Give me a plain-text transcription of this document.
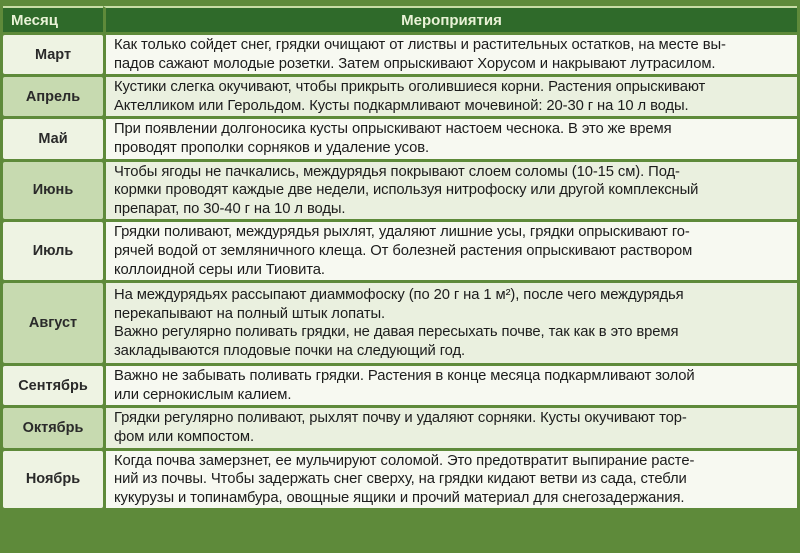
Месяц	Мероприятия
Март	Как только сойдет снег, грядки очищают от листвы и растительных остатков, на месте вы-
падов сажают молодые розетки. Затем опрыскивают Хорусом и накрывают лутрасилом.

Апрель	Кустики слегка окучивают, чтобы прикрыть оголившиеся корни. Растения опрыскивают
Актелликом или Герольдом. Кусты подкармливают мочевиной: 20-30 г на 10 л воды.

Май	При появлении долгоносика кусты опрыскивают настоем чеснока. В это же время
проводят прополки сорняков и удаление усов.

Июнь	Чтобы ягоды не пачкались, междурядья покрывают слоем соломы (10-15 см). Под-
кормки проводят каждые две недели, используя нитрофоску или другой комплексный
препарат, по 30-40 г на 10 л воды.

Июль	Грядки поливают, междурядья рыхлят, удаляют лишние усы, грядки опрыскивают го-
рячей водой от земляничного клеща. От болезней растения опрыскивают раствором
коллоидной серы или Тиовита.

Август	На междурядьях рассыпают диаммофоску (по 20 г на 1 м²), после чего междурядья
перекапывают на полный штык лопаты.
Важно регулярно поливать грядки, не давая пересыхать почве, так как в это время
закладываются плодовые почки на следующий год.

Сентябрь	Важно не забывать поливать грядки. Растения в конце месяца подкармливают золой
или сернокислым калием.

Октябрь	Грядки регулярно поливают, рыхлят почву и удаляют сорняки. Кусты окучивают тор-
фом или компостом.

Ноябрь	Когда почва замерзнет, ее мульчируют соломой. Это предотвратит выпирание расте-
ний из почвы. Чтобы задержать снег сверху, на грядки кидают ветви из сада, стебли
кукурузы и топинамбура, овощные ящики и прочий материал для снегозадержания.
